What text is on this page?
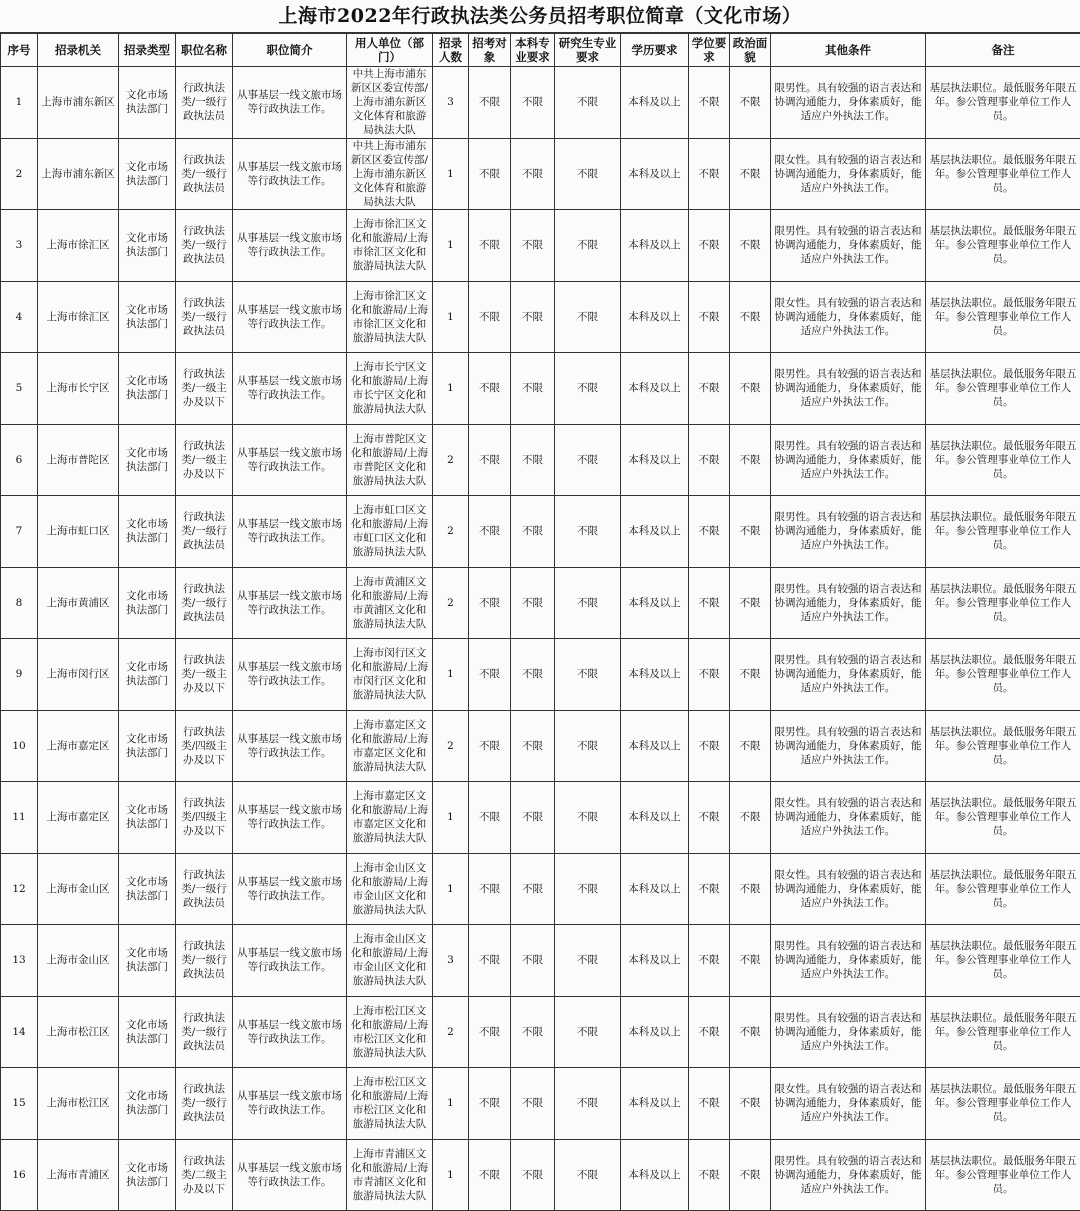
上海市2022年行政执法类公务员招考职位简章（文化市场）
序号	招录机关	招录类型	职位名称	职位简介	用人单位（部门）	招录人数	招考对象	本科专业要求	研究生专业要求	学历要求	学位要求	政治面貌	其他条件	备注
1	上海市浦东新区	文化市场执法部门	行政执法类/一级行政执法员	从事基层一线文旅市场等行政执法工作。	中共上海市浦东新区区委宣传部/上海市浦东新区文化体育和旅游局执法大队	3	不限	不限	不限	本科及以上	不限	不限	限男性。具有较强的语言表达和协调沟通能力，身体素质好，能适应户外执法工作。	基层执法职位。最低服务年限五年。参公管理事业单位工作人员。
2	上海市浦东新区	文化市场执法部门	行政执法类/一级行政执法员	从事基层一线文旅市场等行政执法工作。	中共上海市浦东新区区委宣传部/上海市浦东新区文化体育和旅游局执法大队	1	不限	不限	不限	本科及以上	不限	不限	限女性。具有较强的语言表达和协调沟通能力，身体素质好，能适应户外执法工作。	基层执法职位。最低服务年限五年。参公管理事业单位工作人员。
3	上海市徐汇区	文化市场执法部门	行政执法类/一级行政执法员	从事基层一线文旅市场等行政执法工作。	上海市徐汇区文化和旅游局/上海市徐汇区文化和旅游局执法大队	1	不限	不限	不限	本科及以上	不限	不限	限男性。具有较强的语言表达和协调沟通能力，身体素质好，能适应户外执法工作。	基层执法职位。最低服务年限五年。参公管理事业单位工作人员。
4	上海市徐汇区	文化市场执法部门	行政执法类/一级行政执法员	从事基层一线文旅市场等行政执法工作。	上海市徐汇区文化和旅游局/上海市徐汇区文化和旅游局执法大队	1	不限	不限	不限	本科及以上	不限	不限	限女性。具有较强的语言表达和协调沟通能力，身体素质好，能适应户外执法工作。	基层执法职位。最低服务年限五年。参公管理事业单位工作人员。
5	上海市长宁区	文化市场执法部门	行政执法类/一级主办及以下	从事基层一线文旅市场等行政执法工作。	上海市长宁区文化和旅游局/上海市长宁区文化和旅游局执法大队	1	不限	不限	不限	本科及以上	不限	不限	限男性。具有较强的语言表达和协调沟通能力，身体素质好，能适应户外执法工作。	基层执法职位。最低服务年限五年。参公管理事业单位工作人员。
6	上海市普陀区	文化市场执法部门	行政执法类/一级主办及以下	从事基层一线文旅市场等行政执法工作。	上海市普陀区文化和旅游局/上海市普陀区文化和旅游局执法大队	2	不限	不限	不限	本科及以上	不限	不限	限男性。具有较强的语言表达和协调沟通能力，身体素质好，能适应户外执法工作。	基层执法职位。最低服务年限五年。参公管理事业单位工作人员。
7	上海市虹口区	文化市场执法部门	行政执法类/一级行政执法员	从事基层一线文旅市场等行政执法工作。	上海市虹口区文化和旅游局/上海市虹口区文化和旅游局执法大队	2	不限	不限	不限	本科及以上	不限	不限	限男性。具有较强的语言表达和协调沟通能力，身体素质好，能适应户外执法工作。	基层执法职位。最低服务年限五年。参公管理事业单位工作人员。
8	上海市黄浦区	文化市场执法部门	行政执法类/一级行政执法员	从事基层一线文旅市场等行政执法工作。	上海市黄浦区文化和旅游局/上海市黄浦区文化和旅游局执法大队	2	不限	不限	不限	本科及以上	不限	不限	限男性。具有较强的语言表达和协调沟通能力，身体素质好，能适应户外执法工作。	基层执法职位。最低服务年限五年。参公管理事业单位工作人员。
9	上海市闵行区	文化市场执法部门	行政执法类/一级主办及以下	从事基层一线文旅市场等行政执法工作。	上海市闵行区文化和旅游局/上海市闵行区文化和旅游局执法大队	1	不限	不限	不限	本科及以上	不限	不限	限男性。具有较强的语言表达和协调沟通能力，身体素质好，能适应户外执法工作。	基层执法职位。最低服务年限五年。参公管理事业单位工作人员。
10	上海市嘉定区	文化市场执法部门	行政执法类/四级主办及以下	从事基层一线文旅市场等行政执法工作。	上海市嘉定区文化和旅游局/上海市嘉定区文化和旅游局执法大队	2	不限	不限	不限	本科及以上	不限	不限	限男性。具有较强的语言表达和协调沟通能力，身体素质好，能适应户外执法工作。	基层执法职位。最低服务年限五年。参公管理事业单位工作人员。
11	上海市嘉定区	文化市场执法部门	行政执法类/四级主办及以下	从事基层一线文旅市场等行政执法工作。	上海市嘉定区文化和旅游局/上海市嘉定区文化和旅游局执法大队	1	不限	不限	不限	本科及以上	不限	不限	限女性。具有较强的语言表达和协调沟通能力，身体素质好，能适应户外执法工作。	基层执法职位。最低服务年限五年。参公管理事业单位工作人员。
12	上海市金山区	文化市场执法部门	行政执法类/一级行政执法员	从事基层一线文旅市场等行政执法工作。	上海市金山区文化和旅游局/上海市金山区文化和旅游局执法大队	1	不限	不限	不限	本科及以上	不限	不限	限女性。具有较强的语言表达和协调沟通能力，身体素质好，能适应户外执法工作。	基层执法职位。最低服务年限五年。参公管理事业单位工作人员。
13	上海市金山区	文化市场执法部门	行政执法类/一级行政执法员	从事基层一线文旅市场等行政执法工作。	上海市金山区文化和旅游局/上海市金山区文化和旅游局执法大队	3	不限	不限	不限	本科及以上	不限	不限	限男性。具有较强的语言表达和协调沟通能力，身体素质好，能适应户外执法工作。	基层执法职位。最低服务年限五年。参公管理事业单位工作人员。
14	上海市松江区	文化市场执法部门	行政执法类/一级行政执法员	从事基层一线文旅市场等行政执法工作。	上海市松江区文化和旅游局/上海市松江区文化和旅游局执法大队	2	不限	不限	不限	本科及以上	不限	不限	限男性。具有较强的语言表达和协调沟通能力，身体素质好，能适应户外执法工作。	基层执法职位。最低服务年限五年。参公管理事业单位工作人员。
15	上海市松江区	文化市场执法部门	行政执法类/一级行政执法员	从事基层一线文旅市场等行政执法工作。	上海市松江区文化和旅游局/上海市松江区文化和旅游局执法大队	1	不限	不限	不限	本科及以上	不限	不限	限女性。具有较强的语言表达和协调沟通能力，身体素质好，能适应户外执法工作。	基层执法职位。最低服务年限五年。参公管理事业单位工作人员。
16	上海市青浦区	文化市场执法部门	行政执法类/二级主办及以下	从事基层一线文旅市场等行政执法工作。	上海市青浦区文化和旅游局/上海市青浦区文化和旅游局执法大队	1	不限	不限	不限	本科及以上	不限	不限	限男性。具有较强的语言表达和协调沟通能力，身体素质好，能适应户外执法工作。	基层执法职位。最低服务年限五年。参公管理事业单位工作人员。
